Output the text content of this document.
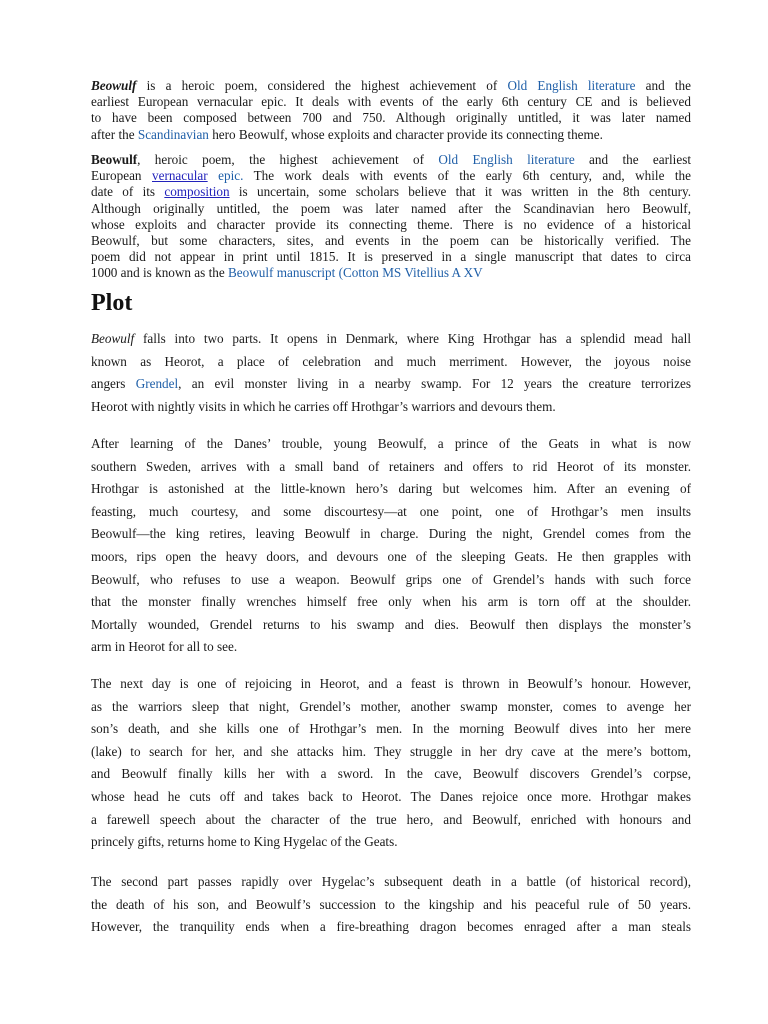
Beowulf is a heroic poem, considered the highest achievement of Old English literature and the
earliest European vernacular epic. It deals with events of the early 6th century CE and is believed
to have been composed between 700 and 750. Although originally untitled, it was later named
after the Scandinavian hero Beowulf, whose exploits and character provide its connecting theme.
Beowulf, heroic poem, the highest achievement of Old English literature and the earliest
European vernacular epic. The work deals with events of the early 6th century, and, while the
date of its composition is uncertain, some scholars believe that it was written in the 8th century.
Although originally untitled, the poem was later named after the Scandinavian hero Beowulf,
whose exploits and character provide its connecting theme. There is no evidence of a historical
Beowulf, but some characters, sites, and events in the poem can be historically verified. The
poem did not appear in print until 1815. It is preserved in a single manuscript that dates to circa
1000 and is known as the Beowulf manuscript (Cotton MS Vitellius A XV
Plot
Beowulf falls into two parts. It opens in Denmark, where King Hrothgar has a splendid mead hall
known as Heorot, a place of celebration and much merriment. However, the joyous noise
angers Grendel, an evil monster living in a nearby swamp. For 12 years the creature terrorizes
Heorot with nightly visits in which he carries off Hrothgar’s warriors and devours them.
After learning of the Danes’ trouble, young Beowulf, a prince of the Geats in what is now
southern Sweden, arrives with a small band of retainers and offers to rid Heorot of its monster.
Hrothgar is astonished at the little-known hero’s daring but welcomes him. After an evening of
feasting, much courtesy, and some discourtesy—at one point, one of Hrothgar’s men insults
Beowulf—the king retires, leaving Beowulf in charge. During the night, Grendel comes from the
moors, rips open the heavy doors, and devours one of the sleeping Geats. He then grapples with
Beowulf, who refuses to use a weapon. Beowulf grips one of Grendel’s hands with such force
that the monster finally wrenches himself free only when his arm is torn off at the shoulder.
Mortally wounded, Grendel returns to his swamp and dies. Beowulf then displays the monster’s
arm in Heorot for all to see.
The next day is one of rejoicing in Heorot, and a feast is thrown in Beowulf’s honour. However,
as the warriors sleep that night, Grendel’s mother, another swamp monster, comes to avenge her
son’s death, and she kills one of Hrothgar’s men. In the morning Beowulf dives into her mere
(lake) to search for her, and she attacks him. They struggle in her dry cave at the mere’s bottom,
and Beowulf finally kills her with a sword. In the cave, Beowulf discovers Grendel’s corpse,
whose head he cuts off and takes back to Heorot. The Danes rejoice once more. Hrothgar makes
a farewell speech about the character of the true hero, and Beowulf, enriched with honours and
princely gifts, returns home to King Hygelac of the Geats.
The second part passes rapidly over Hygelac’s subsequent death in a battle (of historical record),
the death of his son, and Beowulf’s succession to the kingship and his peaceful rule of 50 years.
However, the tranquility ends when a fire-breathing dragon becomes enraged after a man steals
